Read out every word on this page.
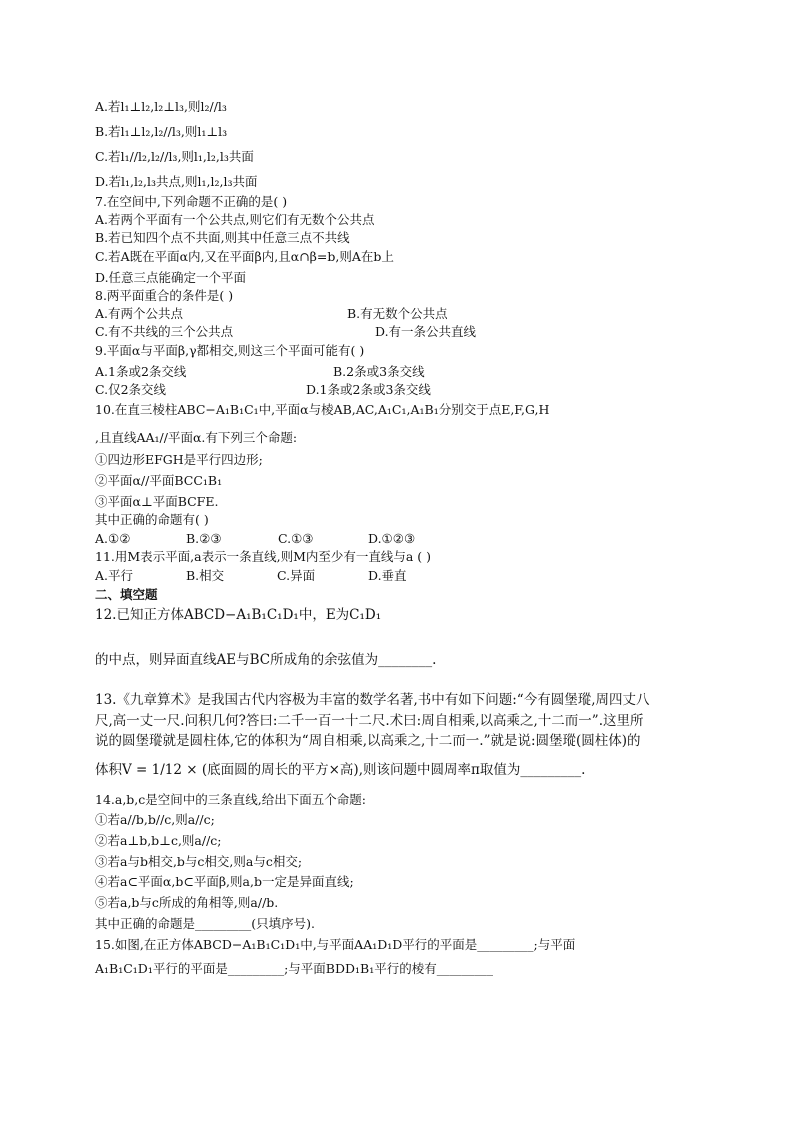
A.若l₁⊥l₂,l₂⊥l₃,则l₂//l₃
B.若l₁⊥l₂,l₂//l₃,则l₁⊥l₃
C.若l₁//l₂,l₂//l₃,则l₁,l₂,l₃共面
D.若l₁,l₂,l₃共点,则l₁,l₂,l₃共面
7.在空间中,下列命题不正确的是( )
A.若两个平面有一个公共点,则它们有无数个公共点
B.若已知四个点不共面,则其中任意三点不共线
C.若A既在平面α内,又在平面β内,且α∩β=b,则A在b上
D.任意三点能确定一个平面
8.两平面重合的条件是( )
A.有两个公共点	B.有无数个公共点
C.有不共线的三个公共点	D.有一条公共直线
9.平面α与平面β,γ都相交,则这三个平面可能有( )
A.1条或2条交线	B.2条或3条交线
C.仅2条交线	D.1条或2条或3条交线
10.在直三棱柱ABC−A₁B₁C₁中,平面α与棱AB,AC,A₁C₁,A₁B₁分别交于点E,F,G,H
,且直线AA₁//平面α.有下列三个命题:
①四边形EFGH是平行四边形;
②平面α//平面BCC₁B₁
③平面α⊥平面BCFE.
其中正确的命题有( )
A.①②	B.②③	C.①③	D.①②③
11.用M表示平面,a表示一条直线,则M内至少有一直线与a ( )
A.平行	B.相交	C.异面	D.垂直
二、填空题
12.已知正方体ABCD−A₁B₁C₁D₁中，E为C₁D₁
的中点，则异面直线AE与BC所成角的余弦值为________.
13.《九章算术》是我国古代内容极为丰富的数学名著,书中有如下问题:“今有圆堡瑽,周四丈八
尺,高一丈一尺.问积几何?答曰:二千一百一十二尺.术曰:周自相乘,以高乘之,十二而一”.这里所
说的圆堡瑽就是圆柱体,它的体积为“周自相乘,以高乘之,十二而一.”就是说:圆堡瑽(圆柱体)的
体积V = 1/12 × (底面圆的周长的平方×高),则该问题中圆周率π取值为_________.
14.a,b,c是空间中的三条直线,给出下面五个命题:
①若a//b,b//c,则a//c;
②若a⊥b,b⊥c,则a//c;
③若a与b相交,b与c相交,则a与c相交;
④若a⊂平面α,b⊂平面β,则a,b一定是异面直线;
⑤若a,b与c所成的角相等,则a//b.
其中正确的命题是_________(只填序号).
15.如图,在正方体ABCD−A₁B₁C₁D₁中,与平面AA₁D₁D平行的平面是_________;与平面
A₁B₁C₁D₁平行的平面是_________;与平面BDD₁B₁平行的棱有_________
